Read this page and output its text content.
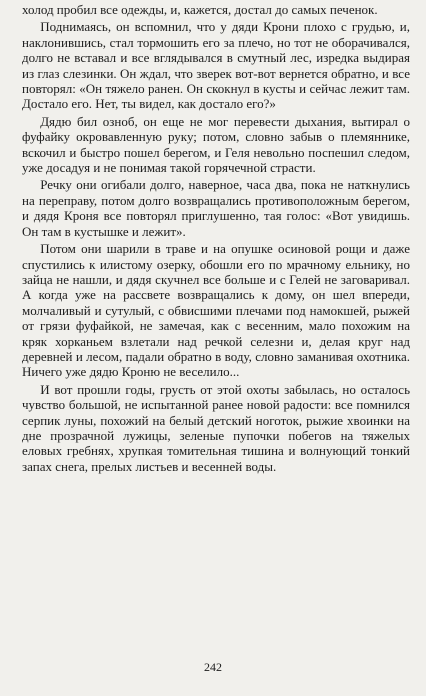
холод пробил все одежды, и, кажется, достал до самых печенок.

Поднимаясь, он вспомнил, что у дяди Крони плохо с грудью, и, наклонившись, стал тормошить его за плечо, но тот не оборачивался, долго не вставал и все вглядывался в смутный лес, изредка выдирая из глаз слезинки. Он ждал, что зверек вот-вот вернется обратно, и все повторял: «Он тяжело ранен. Он скокнул в кусты и сейчас лежит там. Достало его. Нет, ты видел, как достало его?»

Дядю бил озноб, он еще не мог перевести дыхания, вытирал о фуфайку окровавленную руку; потом, словно забыв о племяннике, вскочил и быстро пошел берегом, и Геля невольно поспешил следом, уже досадуя и не понимая такой горячечной страсти.

Речку они огибали долго, наверное, часа два, пока не наткнулись на переправу, потом долго возвращались противоположным берегом, и дядя Кроня все повторял приглушенно, тая голос: «Вот увидишь. Он там в кустышке и лежит».

Потом они шарили в траве и на опушке осиновой рощи и даже спустились к илистому озерку, обошли его по мрачному ельнику, но зайца не нашли, и дядя скучнел все больше и с Гелей не заговаривал. А когда уже на рассвете возвращались к дому, он шел впереди, молчаливый и сутулый, с обвисшими плечами под намокшей, рыжей от грязи фуфайкой, не замечая, как с весенним, мало похожим на кряк хорканьем взлетали над речкой селезни и, делая круг над деревней и лесом, падали обратно в воду, словно заманивая охотника. Ничего уже дядю Кроню не веселило...

И вот прошли годы, грусть от этой охоты забылась, но осталось чувство большой, не испытанной ранее новой радости: все помнился серпик луны, похожий на белый детский ноготок, рыжие хвоинки на дне прозрачной лужицы, зеленые пупочки побегов на тяжелых еловых гребнях, хрупкая томительная тишина и волнующий тонкий запах снега, прелых листьев и весенней воды.

242
